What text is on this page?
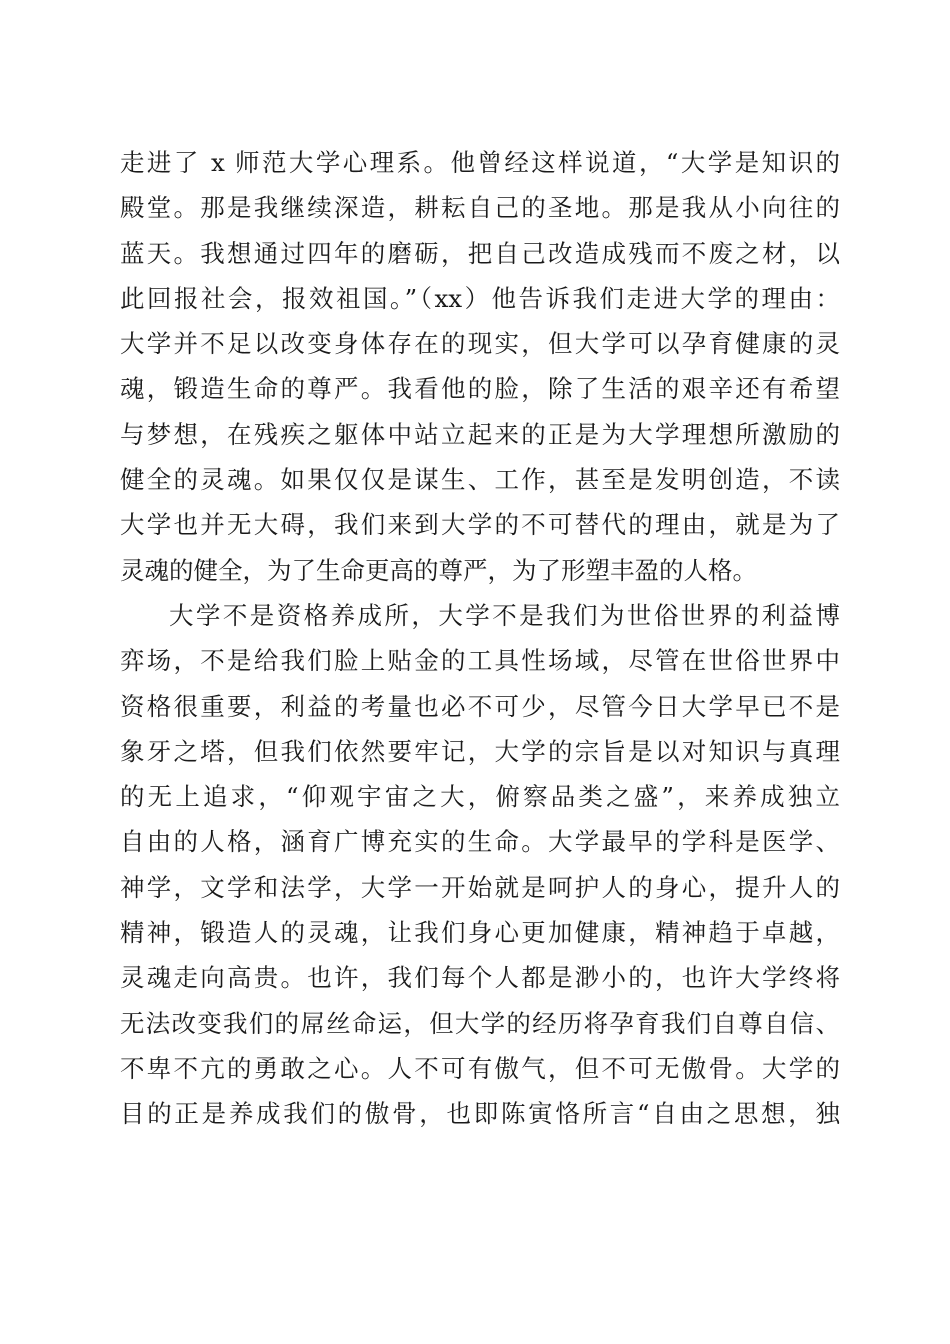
走进了 x 师范大学心理系。他曾经这样说道，“大学是知识的
殿堂。那是我继续深造，耕耘自己的圣地。那是我从小向往的
蓝天。我想通过四年的磨砺，把自己改造成残而不废之材，以
此回报社会，报效祖国。”（xx）他告诉我们走进大学的理由：
大学并不足以改变身体存在的现实，但大学可以孕育健康的灵
魂，锻造生命的尊严。我看他的脸，除了生活的艰辛还有希望
与梦想，在残疾之躯体中站立起来的正是为大学理想所激励的
健全的灵魂。如果仅仅是谋生、工作，甚至是发明创造，不读
大学也并无大碍，我们来到大学的不可替代的理由，就是为了
灵魂的健全，为了生命更高的尊严，为了形塑丰盈的人格。
大学不是资格养成所，大学不是我们为世俗世界的利益博
弈场，不是给我们脸上贴金的工具性场域，尽管在世俗世界中
资格很重要，利益的考量也必不可少，尽管今日大学早已不是
象牙之塔，但我们依然要牢记，大学的宗旨是以对知识与真理
的无上追求，“仰观宇宙之大，俯察品类之盛”，来养成独立
自由的人格，涵育广博充实的生命。大学最早的学科是医学、
神学，文学和法学，大学一开始就是呵护人的身心，提升人的
精神，锻造人的灵魂，让我们身心更加健康，精神趋于卓越，
灵魂走向高贵。也许，我们每个人都是渺小的，也许大学终将
无法改变我们的屌丝命运，但大学的经历将孕育我们自尊自信、
不卑不亢的勇敢之心。人不可有傲气，但不可无傲骨。大学的
目的正是养成我们的傲骨，也即陈寅恪所言“自由之思想，独
